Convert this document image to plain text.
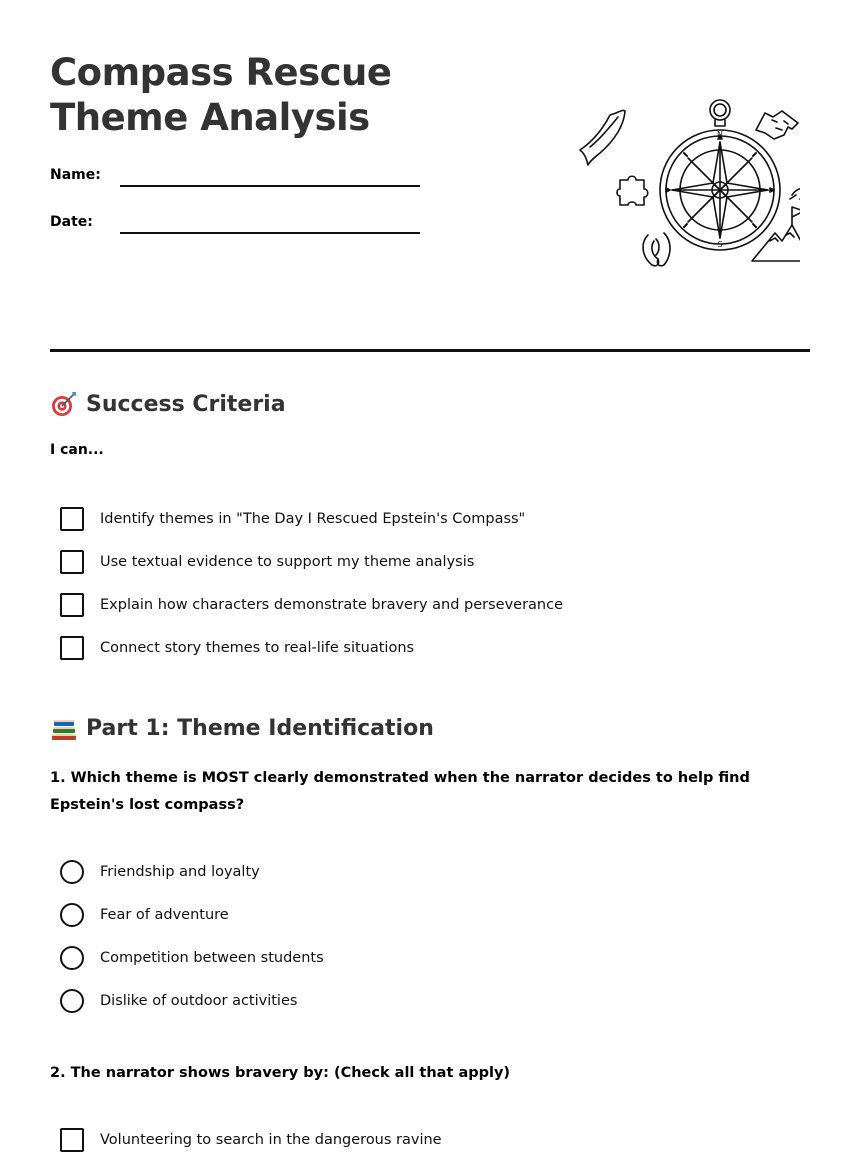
Compass Rescue Theme Analysis
Name:
Date:
N
S
Success Criteria
I can...
Identify themes in "The Day I Rescued Epstein's Compass"
Use textual evidence to support my theme analysis
Explain how characters demonstrate bravery and perseverance
Connect story themes to real-life situations
Part 1: Theme Identification
1. Which theme is MOST clearly demonstrated when the narrator decides to help find Epstein's lost compass?
Friendship and loyalty
Fear of adventure
Competition between students
Dislike of outdoor activities
2. The narrator shows bravery by: (Check all that apply)
Volunteering to search in the dangerous ravine
